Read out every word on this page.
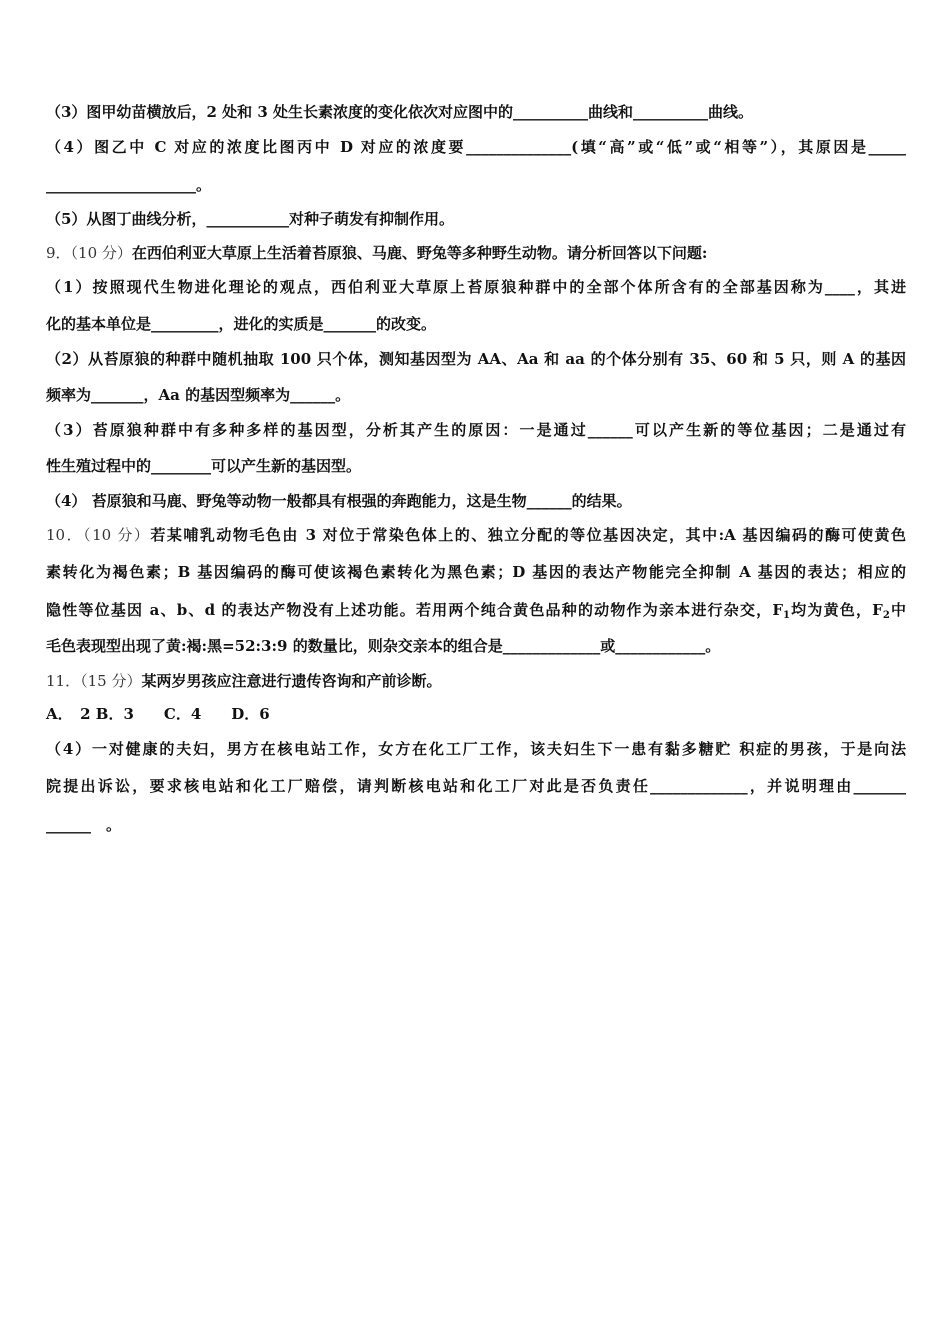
（3）图甲幼苗横放后，2 处和 3 处生长素浓度的变化依次对应图中的__________曲线和__________曲线。
（4）图乙中 C 对应的浓度比图丙中 D 对应的浓度要______________(填“高”或“低”或“相等”），其原因是_____
____________________。
（5）从图丁曲线分析，___________对种子萌发有抑制作用。
9．（10 分）在西伯利亚大草原上生活着苔原狼、马鹿、野兔等多种野生动物。请分析回答以下问题:
（1）按照现代生物进化理论的观点，西伯利亚大草原上苔原狼种群中的全部个体所含有的全部基因称为____，其进
化的基本单位是_________，进化的实质是_______的改变。
（2）从苔原狼的种群中随机抽取 100 只个体，测知基因型为 AA、Aa 和 aa 的个体分别有 35、60 和 5 只，则 A 的基因
频率为_______，Aa 的基因型频率为______。
（3）苔原狼种群中有多种多样的基因型，分析其产生的原因：一是通过______可以产生新的等位基因；二是通过有
性生殖过程中的________可以产生新的基因型。
（4） 苔原狼和马鹿、野兔等动物一般都具有根强的奔跑能力，这是生物______的结果。
10．（10 分）若某哺乳动物毛色由 3 对位于常染色体上的、独立分配的等位基因决定，其中:A 基因编码的酶可使黄色
素转化为褐色素；B 基因编码的酶可使该褐色素转化为黑色素；D 基因的表达产物能完全抑制 A 基因的表达；相应的
隐性等位基因 a、b、d 的表达产物没有上述功能。若用两个纯合黄色品种的动物作为亲本进行杂交，$F_1$均为黄色，$F_2$中
毛色表现型出现了黄:褐:黑=52:3:9 的数量比，则杂交亲本的组合是_____________或____________。
11．（15 分）某两岁男孩应注意进行遗传咨询和产前诊断。
A．　2 B．3　　C．4　　D．6
（4）一对健康的夫妇，男方在核电站工作，女方在化工厂工作，该夫妇生下一患有黏多糖贮 积症的男孩，于是向法
院提出诉讼，要求核电站和化工厂赔偿，请判断核电站和化工厂对此是否负责任_____________，并说明理由_______
______　。
